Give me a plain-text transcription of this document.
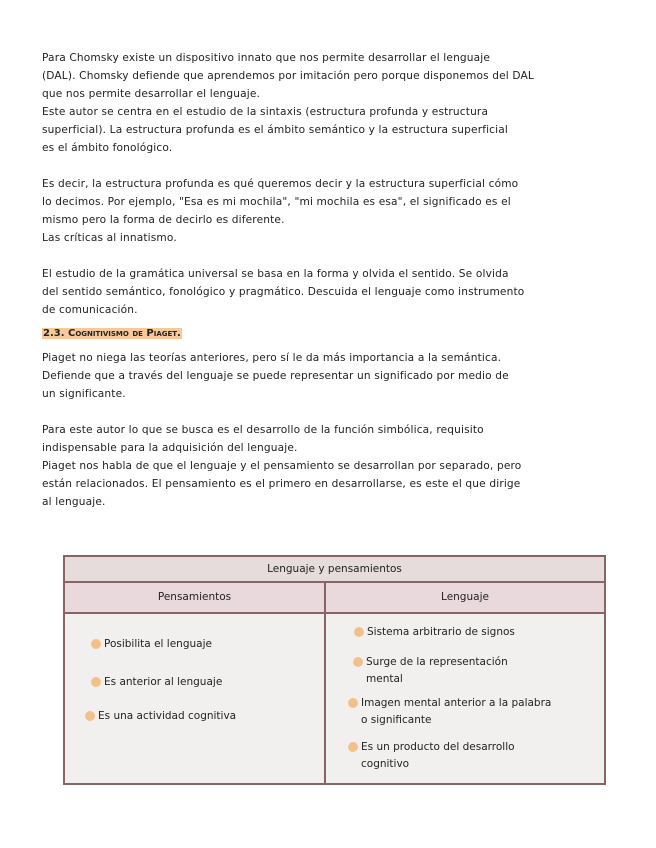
Para Chomsky existe un dispositivo innato que nos permite desarrollar el lenguaje
(DAL). Chomsky defiende que aprendemos por imitación pero porque disponemos del DAL
que nos permite desarrollar el lenguaje.
Este autor se centra en el estudio de la sintaxis (estructura profunda y estructura
superficial). La estructura profunda es el ámbito semántico y la estructura superficial
es el ámbito fonológico.
Es decir, la estructura profunda es qué queremos decir y la estructura superficial cómo
lo decimos. Por ejemplo, "Esa es mi mochila", "mi mochila es esa", el significado es el
mismo pero la forma de decirlo es diferente.
Las críticas al innatismo.
El estudio de la gramática universal se basa en la forma y olvida el sentido. Se olvida
del sentido semántico, fonológico y pragmático. Descuida el lenguaje como instrumento
de comunicación.
2.3. Cognitivismo de Piaget.
Piaget no niega las teorías anteriores, pero sí le da más importancia a la semántica.
Defiende que a través del lenguaje se puede representar un significado por medio de
un significante.
Para este autor lo que se busca es el desarrollo de la función simbólica, requisito
indispensable para la adquisición del lenguaje.
Piaget nos habla de que el lenguaje y el pensamiento se desarrollan por separado, pero
están relacionados. El pensamiento es el primero en desarrollarse, es este el que dirige
al lenguaje.
Lenguaje y pensamientos
Pensamientos	Lenguaje
Posibilita el lenguaje
Es anterior al lenguaje
Es una actividad cognitiva
Sistema arbitrario de signos
Surge de la representación
mental
Imagen mental anterior a la palabra
o significante
Es un producto del desarrollo
cognitivo
